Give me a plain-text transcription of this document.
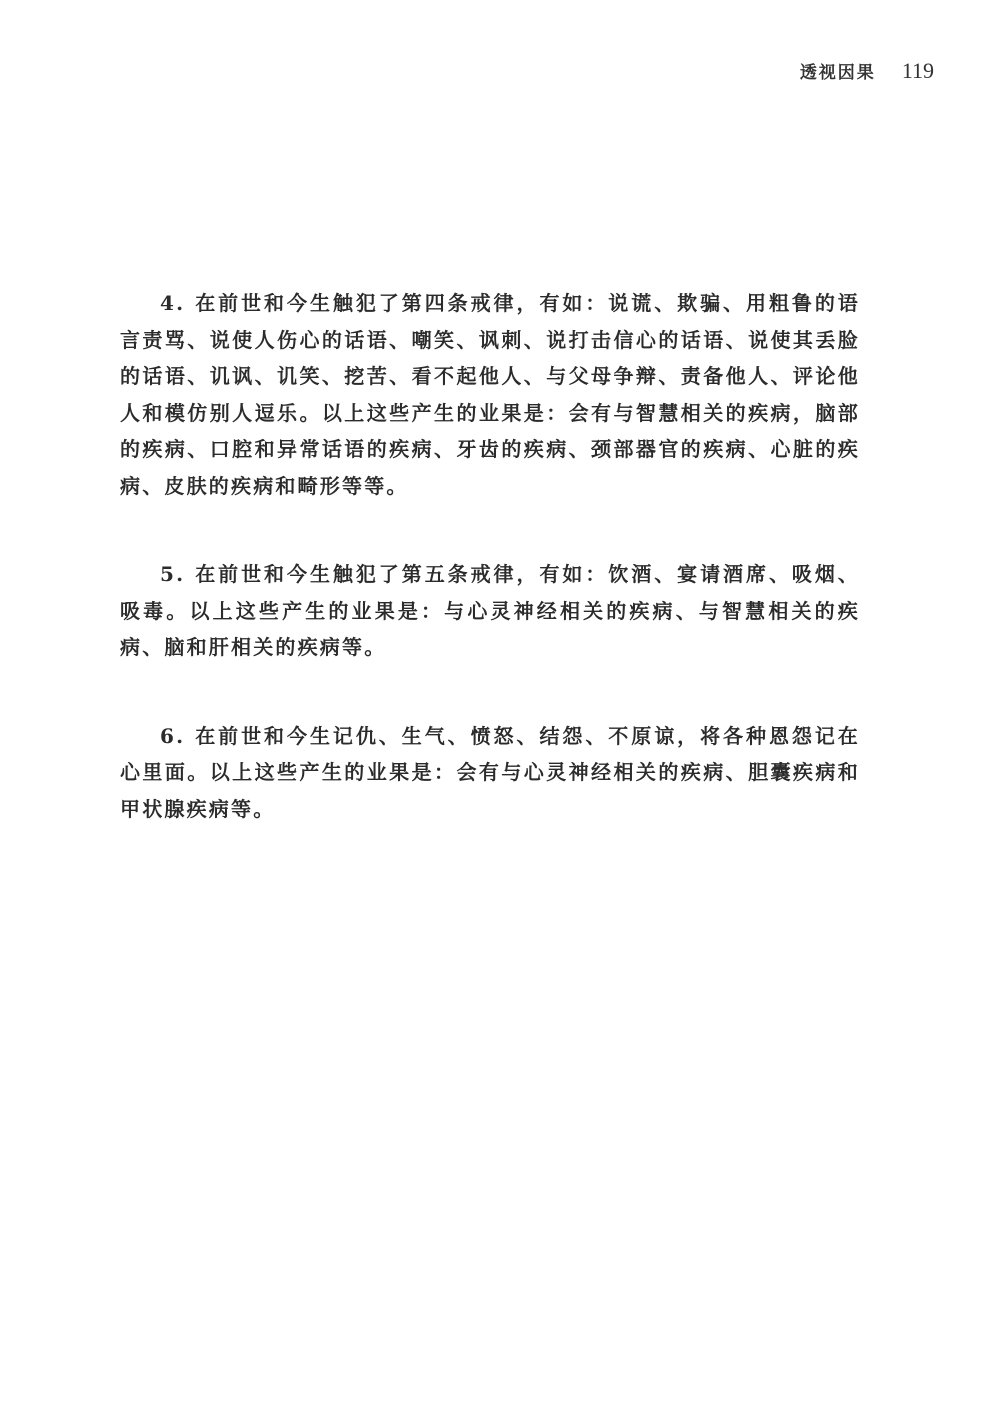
透视因果 119

4. 在前世和今生触犯了第四条戒律，有如：说谎、欺骗、用粗鲁的语言责骂、说使人伤心的话语、嘲笑、讽刺、说打击信心的话语、说使其丢脸的话语、讥讽、讥笑、挖苦、看不起他人、与父母争辩、责备他人、评论他人和模仿别人逗乐。以上这些产生的业果是：会有与智慧相关的疾病，脑部的疾病、口腔和异常话语的疾病、牙齿的疾病、颈部器官的疾病、心脏的疾病、皮肤的疾病和畸形等等。

5. 在前世和今生触犯了第五条戒律，有如：饮酒、宴请酒席、吸烟、吸毒。以上这些产生的业果是：与心灵神经相关的疾病、与智慧相关的疾病、脑和肝相关的疾病等。

6. 在前世和今生记仇、生气、愤怒、结怨、不原谅，将各种恩怨记在心里面。以上这些产生的业果是：会有与心灵神经相关的疾病、胆囊疾病和甲状腺疾病等。
